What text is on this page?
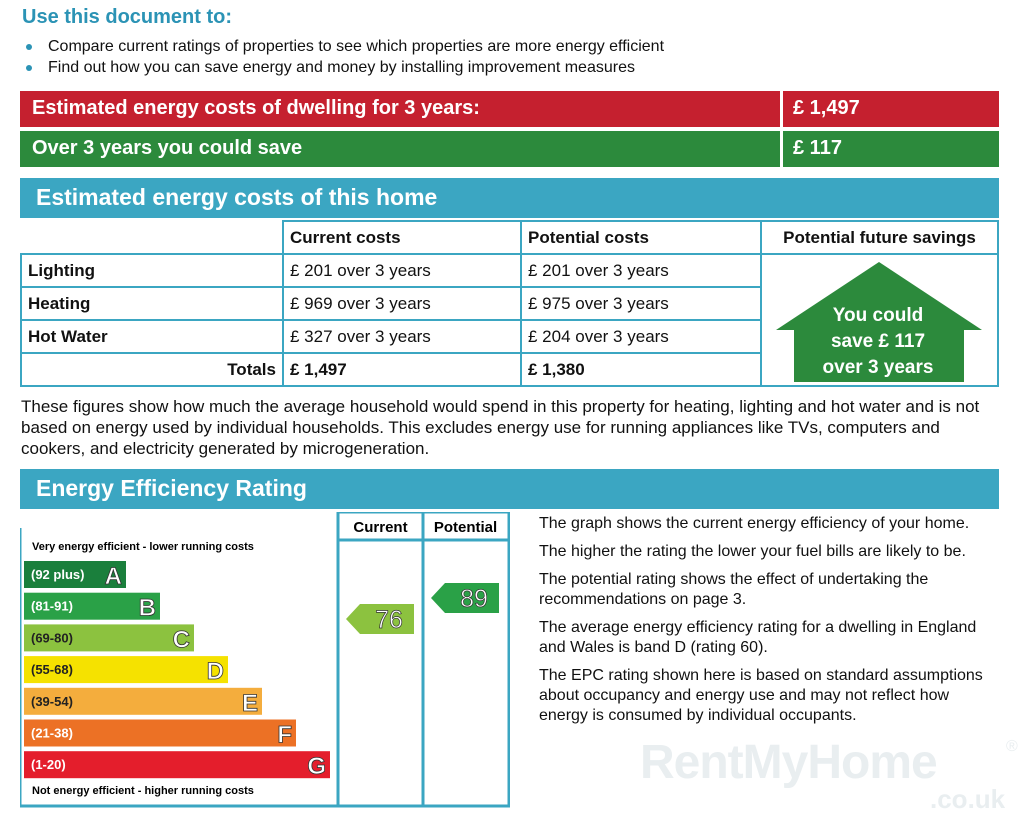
Use this document to:
Compare current ratings of properties to see which properties are more energy efficient
Find out how you can save energy and money by installing improvement measures
Estimated energy costs of dwelling for 3 years:	£ 1,497
Over 3 years you could save	£ 117
Estimated energy costs of this home
	Current costs	Potential costs	Potential future savings
Lighting	£ 201 over 3 years	£ 201 over 3 years	
Heating	£ 969 over 3 years	£ 975 over 3 years	
Hot Water	£ 327 over 3 years	£ 204 over 3 years	
Totals	£ 1,497	£ 1,380	
You could
save £ 117
over 3 years
These figures show how much the average household would spend in this property for heating, lighting and hot water and is not based on energy used by individual households. This excludes energy use for running appliances like TVs, computers and cookers, and electricity generated by microgeneration.
Energy Efficiency Rating
Current Potential
Very energy efficient - lower running costs
Not energy efficient - higher running costs
(92 plus) A
(81-91)	B
(69-80)	C
(55-68)	D
(39-54)	E
(21-38)	F
(1-20)	G
76
89

The graph shows the current energy efficiency of your home.

The higher the rating the lower your fuel bills are likely to be.

The potential rating shows the effect of undertaking the recommendations on page 3.

The average energy efficiency rating for a dwelling in England and Wales is band D (rating 60).

The EPC rating shown here is based on standard assumptions about occupancy and energy use and may not reflect how energy is consumed by individual occupants.

RentMyHome
.co.uk
®
